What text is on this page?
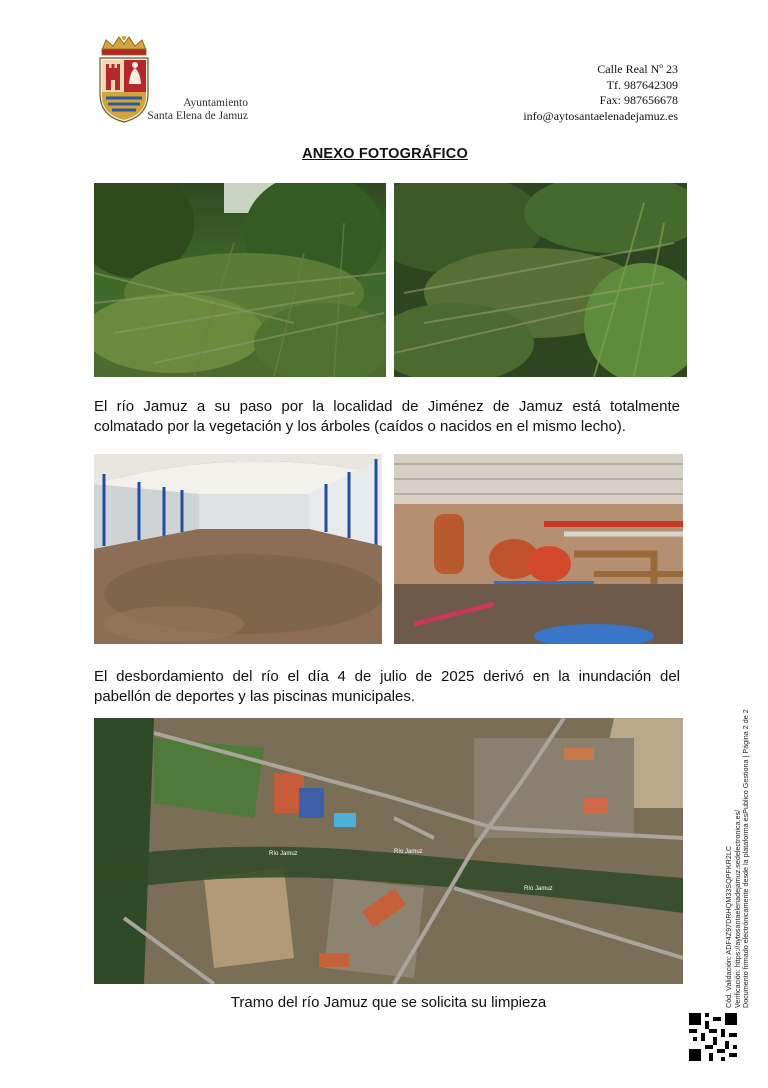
Ayuntamiento
Santa Elena de Jamuz
Calle Real Nº 23
Tf. 987642309
Fax: 987656678
info@aytosantaelenadejamuz.es
ANEXO FOTOGRÁFICO
El río Jamuz a su paso por la localidad de Jiménez de Jamuz está totalmente
colmatado por la vegetación y los árboles (caídos o nacidos en el mismo lecho).
El desbordamiento del río el día 4 de julio de 2025 derivó en la inundación del
pabellón de deportes y las piscinas municipales.
Río Jamuz	Río Jamuz
Río Jamuz
Tramo del río Jamuz que se solicita su limpieza	Cód. Validación: ADF4Z97DRHQM33SQPFKR2LC Verificación: https://aytosantaelenadejamuz.sedelectronica.es/ Documento firmado electrónicamente desde la plataforma esPublico Gestiona | Página 2 de 2
